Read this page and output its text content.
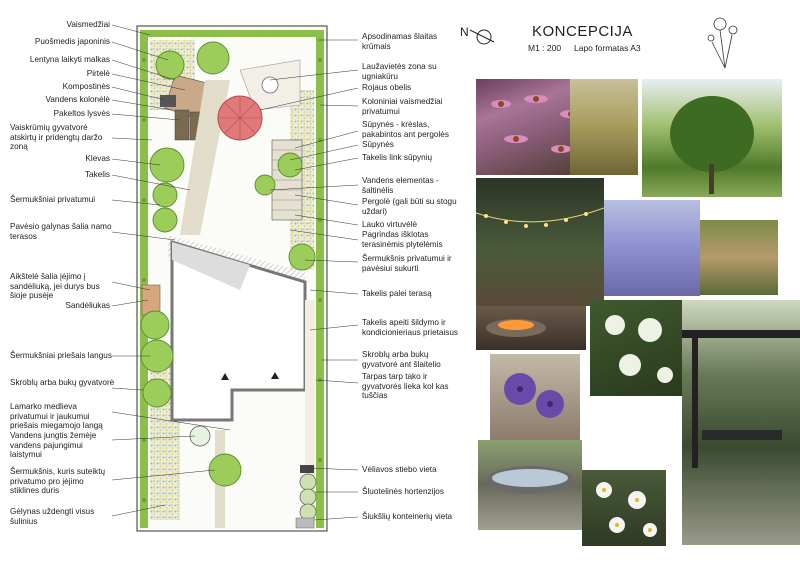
Vaismedžiai
Puošmedis japoninis
Lentyna laikyti malkas
Pirtelė
Kompostinės
Vandens kolonėlė
Pakeltos lysvės
Vaiskrūmių gyvatvorė atskirtų ir pridengtų daržo zoną
Klevas
Takelis
Šermukšniai privatumui
Pavėsio galynas šalia namo terasos
Aikštelė šalia įėjimo į sandėliuką, jei durys bus šioje pusėje
Sandėliukas
Šermukšniai priešais langus
Skroblų arba bukų gyvatvorė
Lamarko medlieva privatumui ir jaukumui priešais miegamojo langą
Vandens jungtis žemėje vandens pajungimui laistymui
Šermukšnis, kuris suteiktų privatumo pro įėjimo stiklines duris
Gėlynas uždengti visus šulinius
Apsodinamas šlaitas krūmais
Laužavietės zona su ugniakūru
Rojaus obelis
Koloniniai vaismedžiai privatumui
Sūpynės - krėslas, pakabintos ant pergolės
Sūpynės
Takelis link sūpynių
Vandens elementas - šaltinėlis
Pergolė (gali būti su stogu uždari)
Lauko virtuvėlė
Pagrindas išklotas terasinėmis plytelėmis
Šermukšnis privatumui ir pavėsiui sukurti
Takelis palei terasą
Takelis apeiti šildymo ir kondicionieriaus prietaisus
Skroblų arba bukų gyvatvorė ant šlaitelio
Tarpas tarp tako ir gyvatvorės lieka kol kas tuščias
Vėliavos stiebo vieta
Šluotelinės hortenzijos
Šiukšlių konteinerių vieta
N	KONCEPCIJA
M1 : 200 Lapo formatas A3
